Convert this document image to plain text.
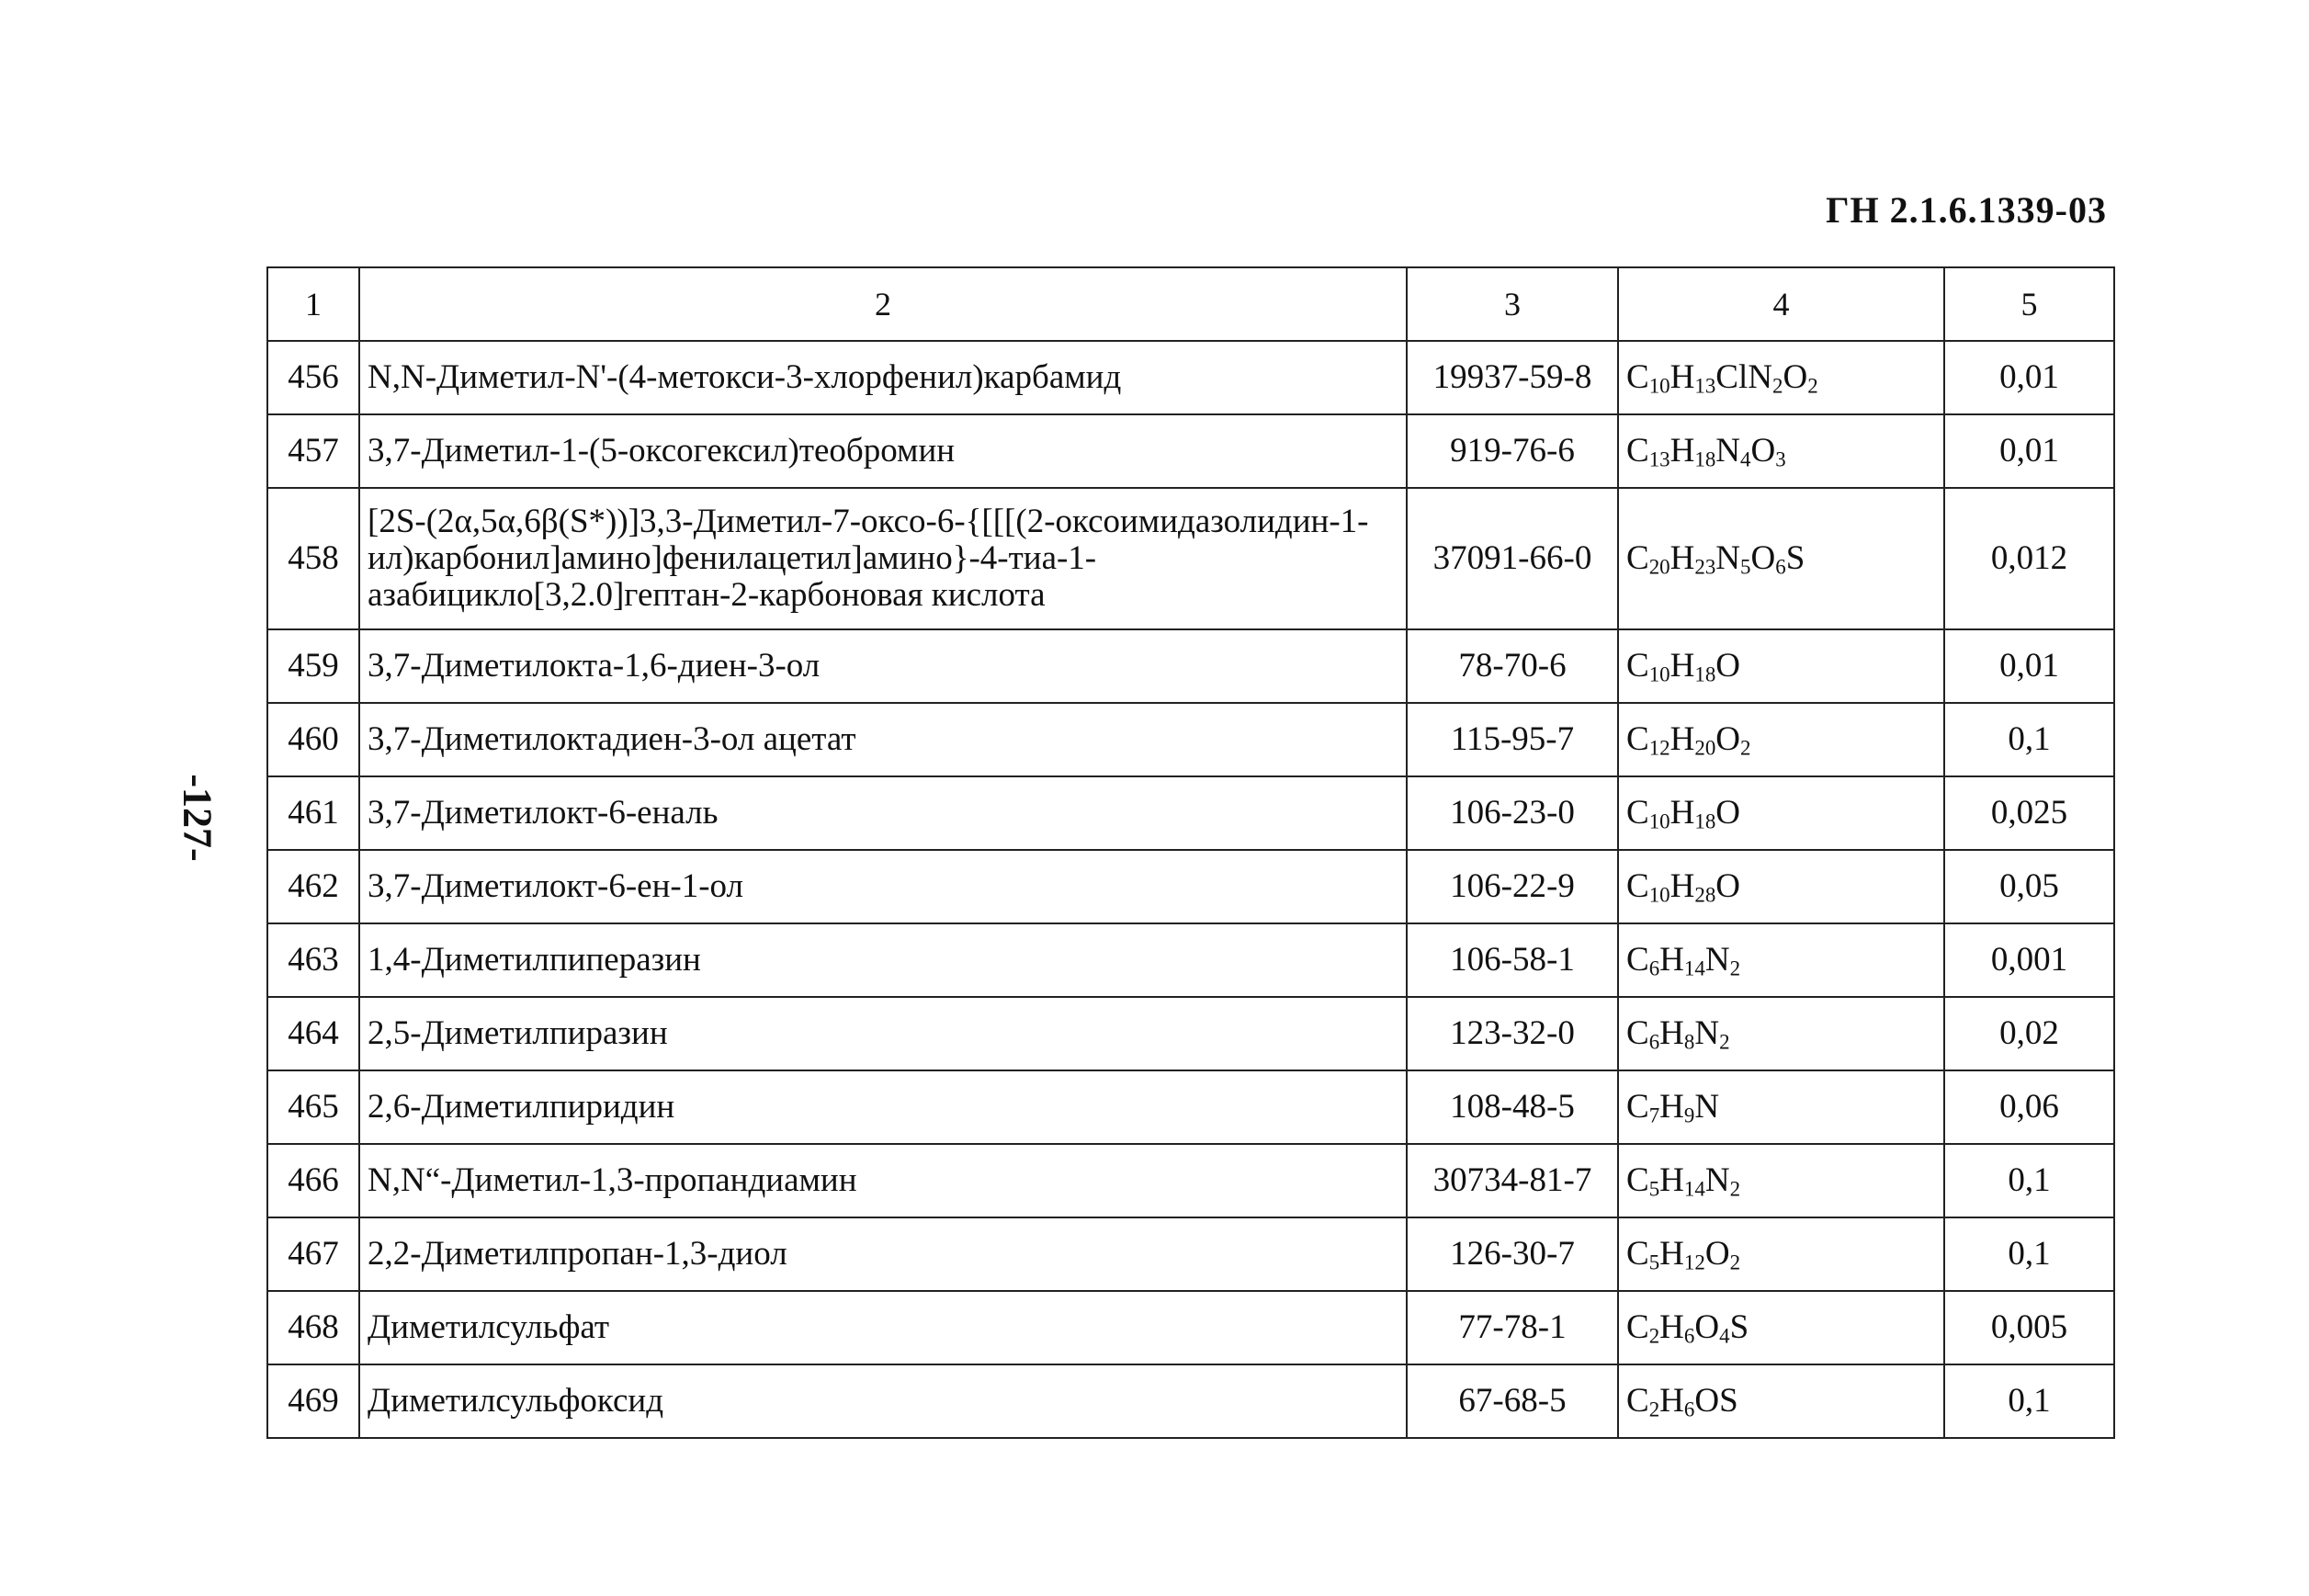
ГН 2.1.6.1339-03
-127-
1	2	3	4	5
456	N,N-Диметил-N'-(4-метокси-3-хлорфенил)карбамид	19937-59-8	$C_{10}H_{13}ClN_2O_2$	0,01
457	3,7-Диметил-1-(5-оксогексил)теобромин	919-76-6	$C_{13}H_{18}N_4O_3$	0,01
458	[2S-(2α,5α,6β(S*))]3,3-Диметил-7-оксо-6-{[[[(2-оксоимидазолидин-1-ил)карбонил]амино]фенилацетил]амино}-4-тиа-1-азабицикло[3,2.0]гептан-2-карбоновая кислота	37091-66-0	$C_{20}H_{23}N_5O_6S$	0,012
459	3,7-Диметилокта-1,6-диен-3-ол	78-70-6	$C_{10}H_{18}O$	0,01
460	3,7-Диметилоктадиен-3-ол ацетат	115-95-7	$C_{12}H_{20}O_2$	0,1
461	3,7-Диметилокт-6-еналь	106-23-0	$C_{10}H_{18}O$	0,025
462	3,7-Диметилокт-6-ен-1-ол	106-22-9	$C_{10}H_{28}O$	0,05
463	1,4-Диметилпиперазин	106-58-1	$C_6H_{14}N_2$	0,001
464	2,5-Диметилпиразин	123-32-0	$C_6H_8N_2$	0,02
465	2,6-Диметилпиридин	108-48-5	$C_7H_9N$	0,06
466	N,N“-Диметил-1,3-пропандиамин	30734-81-7	$C_5H_{14}N_2$	0,1
467	2,2-Диметилпропан-1,3-диол	126-30-7	$C_5H_{12}O_2$	0,1
468	Диметилсульфат	77-78-1	$C_2H_6O_4S$	0,005
469	Диметилсульфоксид	67-68-5	$C_2H_6OS$	0,1
